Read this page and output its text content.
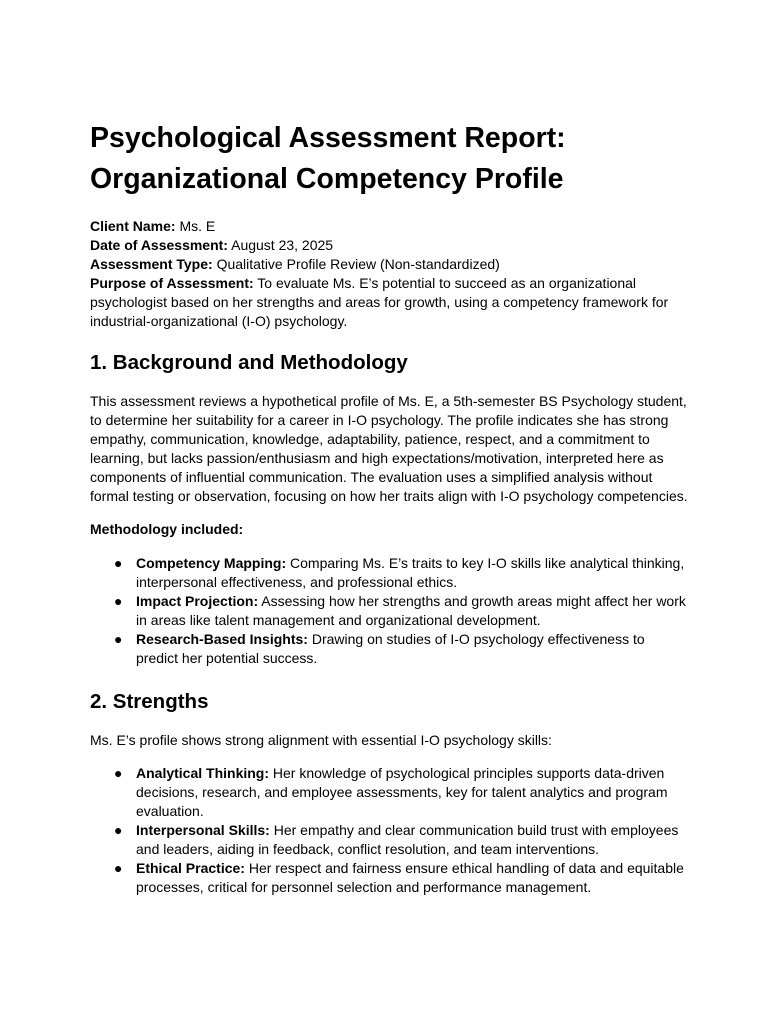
Psychological Assessment Report:
Organizational Competency Profile
Client Name: Ms. E
Date of Assessment: August 23, 2025
Assessment Type: Qualitative Profile Review (Non-standardized)
Purpose of Assessment: To evaluate Ms. E’s potential to succeed as an organizational psychologist based on her strengths and areas for growth, using a competency framework for industrial-organizational (I-O) psychology.
1. Background and Methodology

This assessment reviews a hypothetical profile of Ms. E, a 5th-semester BS Psychology student, to determine her suitability for a career in I-O psychology. The profile indicates she has strong empathy, communication, knowledge, adaptability, patience, respect, and a commitment to learning, but lacks passion/enthusiasm and high expectations/motivation, interpreted here as components of influential communication. The evaluation uses a simplified analysis without formal testing or observation, focusing on how her traits align with I-O psychology competencies.

Methodology included:

● Competency Mapping: Comparing Ms. E’s traits to key I-O skills like analytical thinking, interpersonal effectiveness, and professional ethics.
● Impact Projection: Assessing how her strengths and growth areas might affect her work in areas like talent management and organizational development.
● Research-Based Insights: Drawing on studies of I-O psychology effectiveness to predict her potential success.
2. Strengths

Ms. E’s profile shows strong alignment with essential I-O psychology skills:

● Analytical Thinking: Her knowledge of psychological principles supports data-driven decisions, research, and employee assessments, key for talent analytics and program evaluation.
● Interpersonal Skills: Her empathy and clear communication build trust with employees and leaders, aiding in feedback, conflict resolution, and team interventions.
● Ethical Practice: Her respect and fairness ensure ethical handling of data and equitable processes, critical for personnel selection and performance management.
